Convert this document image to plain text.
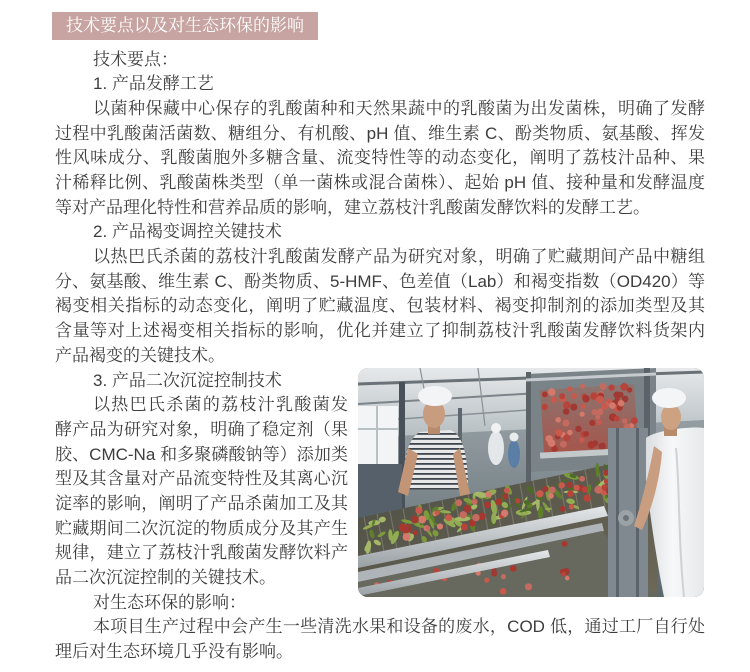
技术要点以及对生态环保的影响
技术要点：
1. 产品发酵工艺
以菌种保藏中心保存的乳酸菌种和天然果蔬中的乳酸菌为出发菌株，明确了发酵
过程中乳酸菌活菌数、糖组分、有机酸、pH 值、维生素 C、酚类物质、氨基酸、挥发
性风味成分、乳酸菌胞外多糖含量、流变特性等的动态变化，阐明了荔枝汁品种、果
汁稀释比例、乳酸菌株类型（单一菌株或混合菌株）、起始 pH 值、接种量和发酵温度
等对产品理化特性和营养品质的影响，建立荔枝汁乳酸菌发酵饮料的发酵工艺。
2. 产品褐变调控关键技术
以热巴氏杀菌的荔枝汁乳酸菌发酵产品为研究对象，明确了贮藏期间产品中糖组
分、氨基酸、维生素 C、酚类物质、5-HMF、色差值（Lab）和褐变指数（OD420）等
褐变相关指标的动态变化，阐明了贮藏温度、包装材料、褐变抑制剂的添加类型及其
含量等对上述褐变相关指标的影响，优化并建立了抑制荔枝汁乳酸菌发酵饮料货架内
产品褐变的关键技术。
3. 产品二次沉淀控制技术
以热巴氏杀菌的荔枝汁乳酸菌发
酵产品为研究对象，明确了稳定剂（果
胶、CMC-Na 和多聚磷酸钠等）添加类
型及其含量对产品流变特性及其离心沉
淀率的影响，阐明了产品杀菌加工及其
贮藏期间二次沉淀的物质成分及其产生
规律，建立了荔枝汁乳酸菌发酵饮料产
品二次沉淀控制的关键技术。
对生态环保的影响：
本项目生产过程中会产生一些清洗水果和设备的废水，COD 低，通过工厂自行处
理后对生态环境几乎没有影响。
